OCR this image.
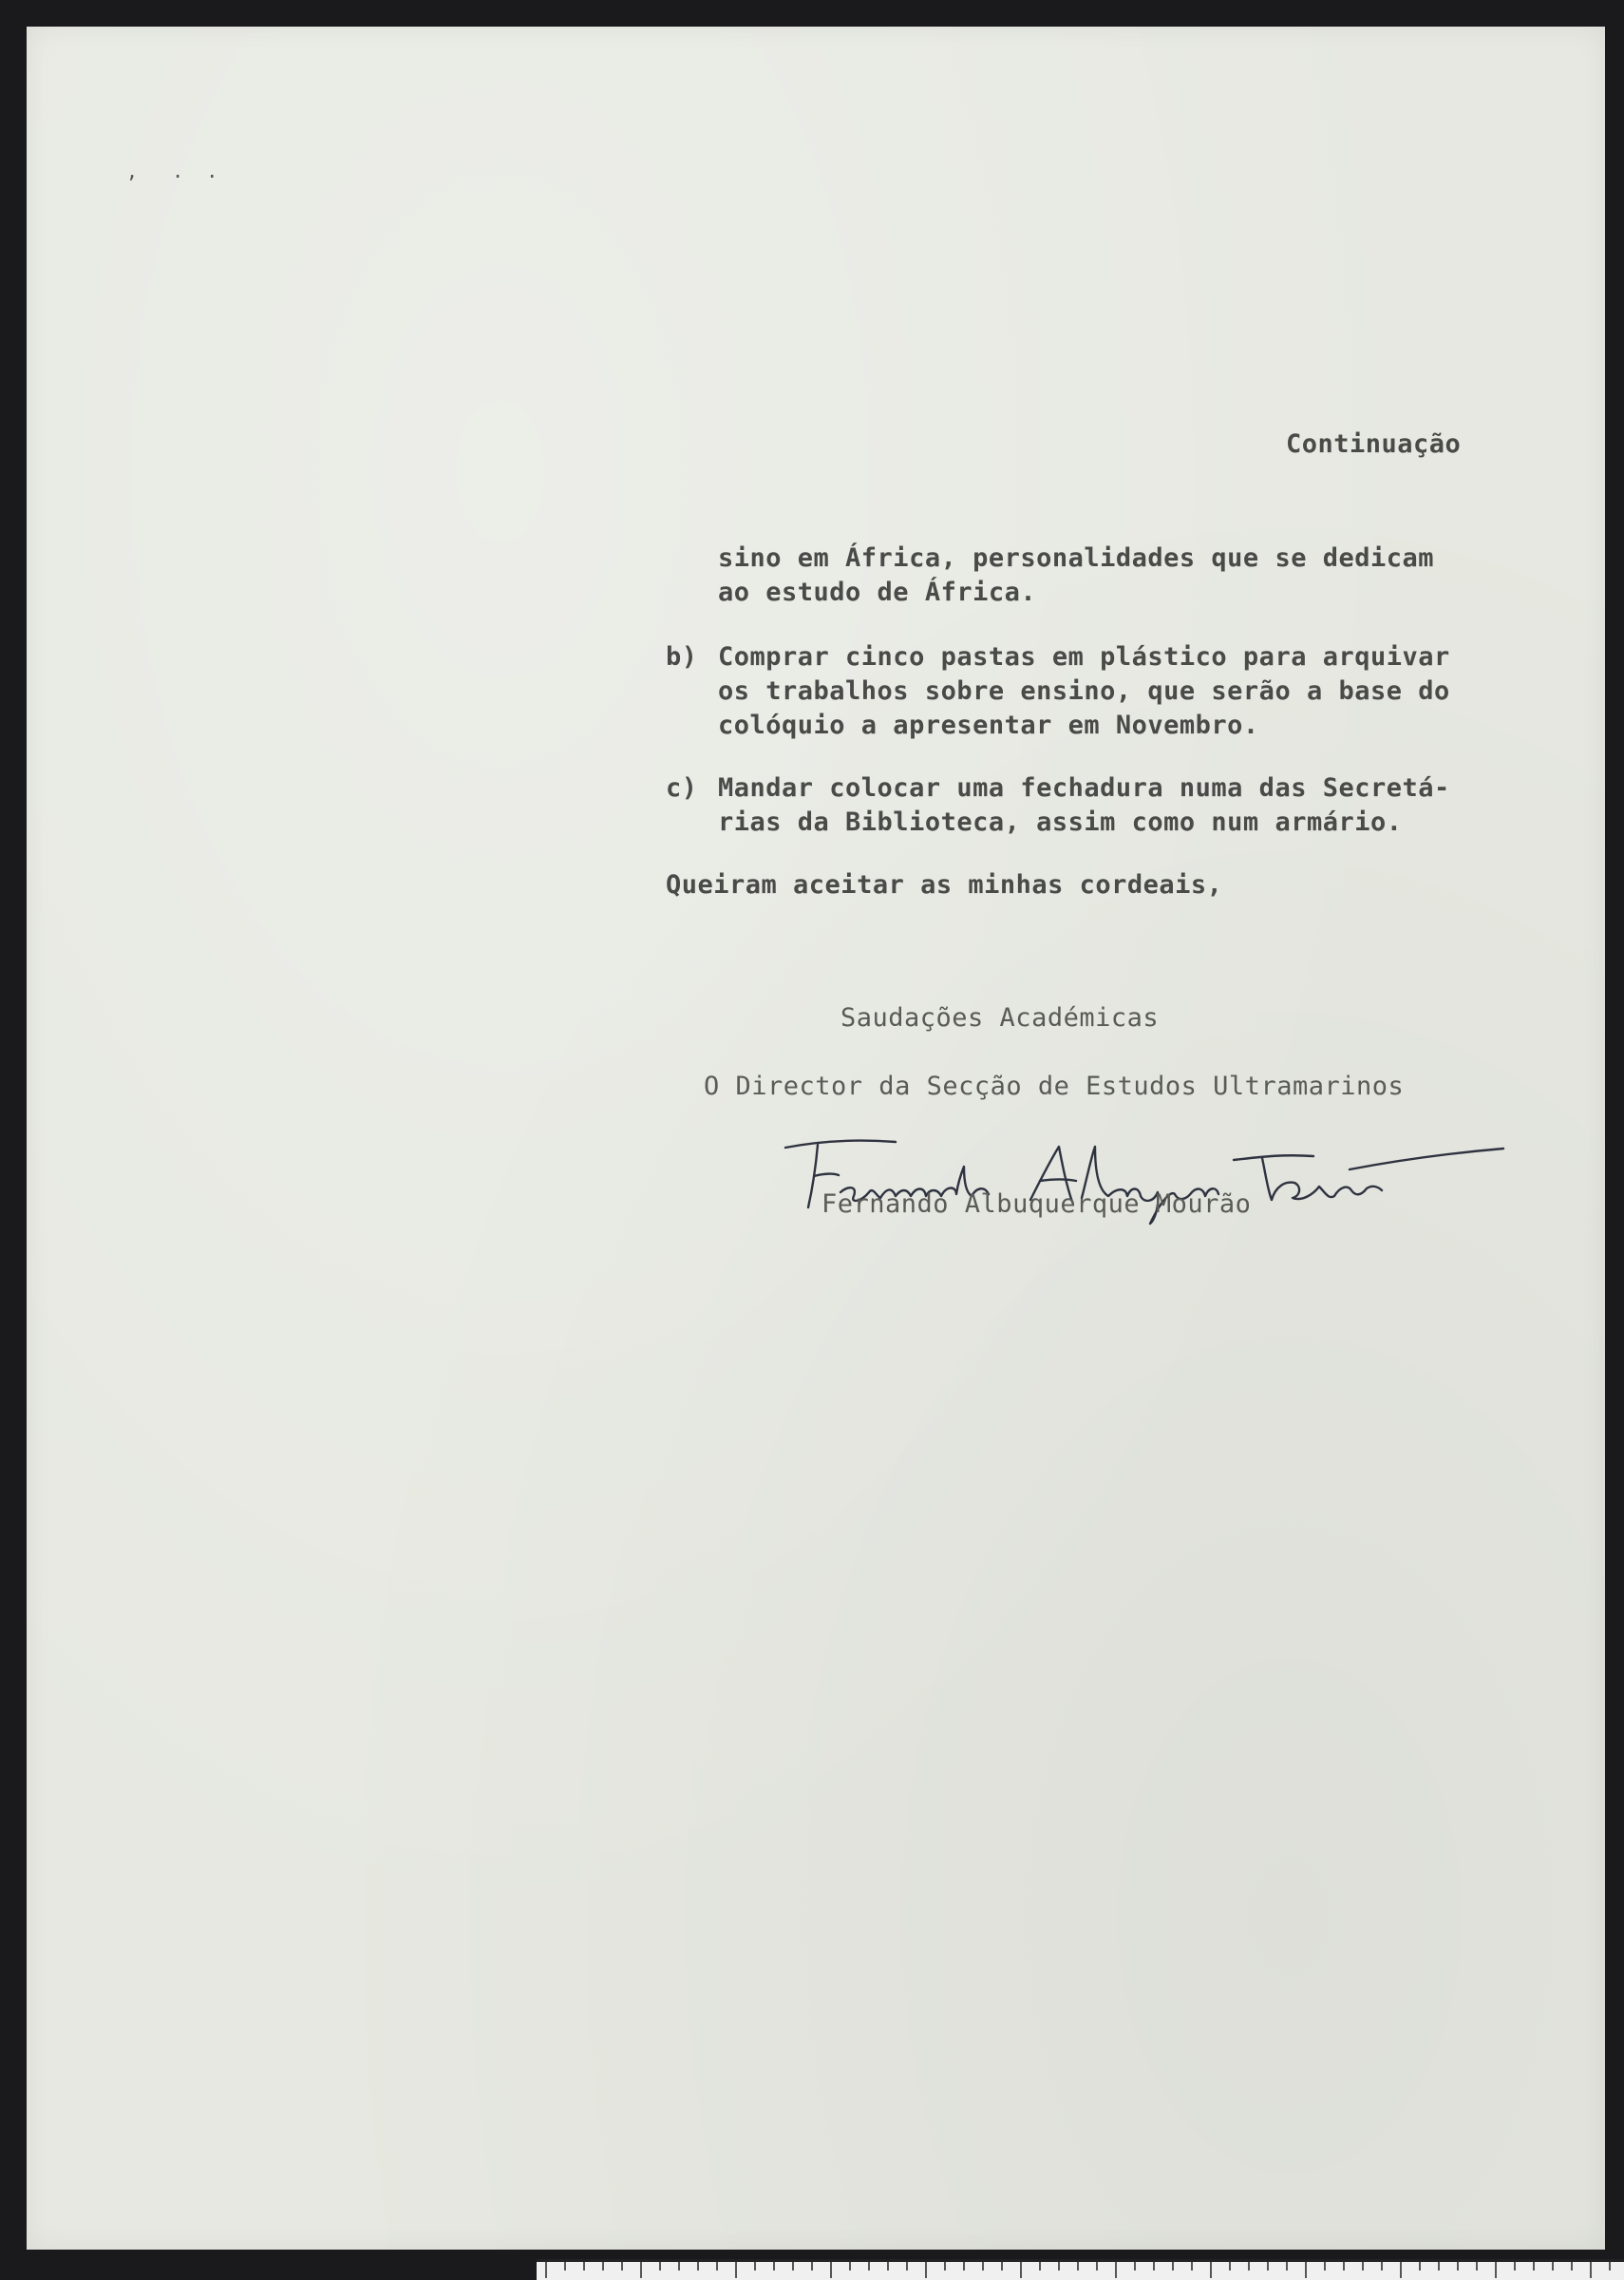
,   .  .
Continuação
sino em África, personalidades que se dedicam
ao estudo de África.
b) Comprar cinco pastas em plástico para arquivar
os trabalhos sobre ensino, que serão a base do
colóquio a apresentar em Novembro.
c) Mandar colocar uma fechadura numa das Secretá-
rias da Biblioteca, assim como num armário.
Queiram aceitar as minhas cordeais,
Saudações Académicas
O Director da Secção de Estudos Ultramarinos
Fernando Albuquerque Mourão
